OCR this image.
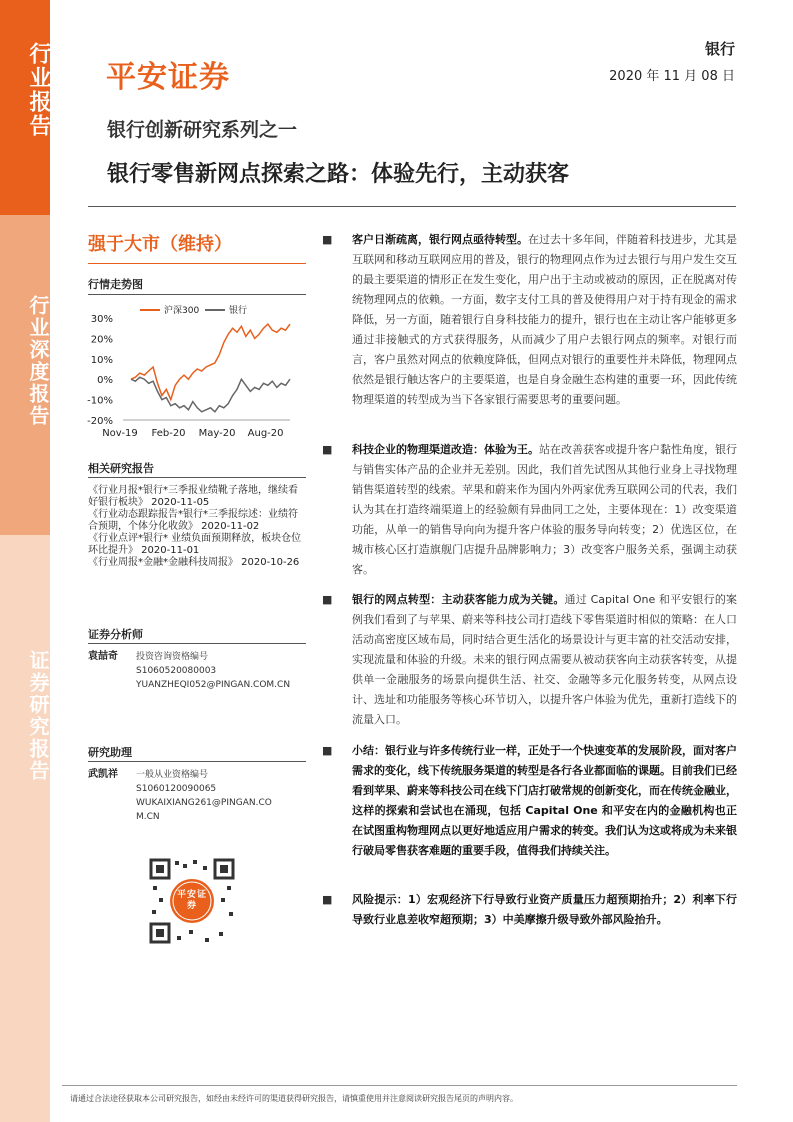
行业报告
行业深度报告
证券研究报告
平安证券
银行
2020 年 11 月 08 日
银行创新研究系列之一
银行零售新网点探索之路：体验先行，主动获客
强于大市（维持）
行情走势图
沪深300	银行
30%
20%
10%
0%
-10%
-20%
Nov-19 Feb-20 May-20 Aug-20
相关研究报告
《行业月报*银行*三季报业绩靴子落地，继续看好银行板块》 2020-11-05
《行业动态跟踪报告*银行*三季报综述：业绩符合预期，个体分化收敛》 2020-11-02
《行业点评*银行* 业绩负面预期释放，板块仓位环比提升》 2020-11-01
《行业周报*金融*金融科技周报》 2020-10-26
证券分析师
袁喆奇 投资咨询资格编号
S1060520080003
YUANZHEQI052@PINGAN.COM.CN
研究助理
武凯祥 一般从业资格编号
S1060120090065
WUKAIXIANG261@PINGAN.COM.CN
平安证券
■ 客户日渐疏离，银行网点亟待转型。在过去十多年间，伴随着科技进步，尤其是互联网和移动互联网应用的普及，银行的物理网点作为过去银行与用户发生交互的最主要渠道的情形正在发生变化，用户出于主动或被动的原因，正在脱离对传统物理网点的依赖。一方面，数字支付工具的普及使得用户对于持有现金的需求降低，另一方面，随着银行自身科技能力的提升，银行也在主动让客户能够更多通过非接触式的方式获得服务，从而减少了用户去银行网点的频率。对银行而言，客户虽然对网点的依赖度降低，但网点对银行的重要性并未降低，物理网点依然是银行触达客户的主要渠道，也是自身金融生态构建的重要一环，因此传统物理渠道的转型成为当下各家银行需要思考的重要问题。
■ 科技企业的物理渠道改造：体验为王。站在改善获客或提升客户黏性角度，银行与销售实体产品的企业并无差别。因此，我们首先试图从其他行业身上寻找物理销售渠道转型的线索。苹果和蔚来作为国内外两家优秀互联网公司的代表，我们认为其在打造终端渠道上的经验颇有异曲同工之处，主要体现在：1）改变渠道功能，从单一的销售导向向为提升客户体验的服务导向转变；2）优选区位，在城市核心区打造旗舰门店提升品牌影响力；3）改变客户服务关系，强调主动获客。
■ 银行的网点转型：主动获客能力成为关键。通过 Capital One 和平安银行的案例我们看到了与苹果、蔚来等科技公司打造线下零售渠道时相似的策略：在人口活动高密度区域布局，同时结合更生活化的场景设计与更丰富的社交活动安排，实现流量和体验的升级。未来的银行网点需要从被动获客向主动获客转变，从提供单一金融服务的场景向提供生活、社交、金融等多元化服务转变，从网点设计、选址和功能服务等核心环节切入，以提升客户体验为优先，重新打造线下的流量入口。
■ 小结：银行业与许多传统行业一样，正处于一个快速变革的发展阶段，面对客户需求的变化，线下传统服务渠道的转型是各行各业都面临的课题。目前我们已经看到苹果、蔚来等科技公司在线下门店打破常规的创新变化，而在传统金融业，这样的探索和尝试也在涌现，包括 Capital One 和平安在内的金融机构也正在试图重构物理网点以更好地适应用户需求的转变。我们认为这或将成为未来银行破局零售获客难题的重要手段，值得我们持续关注。
■ 风险提示：1）宏观经济下行导致行业资产质量压力超预期抬升；2）利率下行导致行业息差收窄超预期；3）中美摩擦升级导致外部风险抬升。
请通过合法途径获取本公司研究报告，如经由未经许可的渠道获得研究报告，请慎重使用并注意阅读研究报告尾页的声明内容。
